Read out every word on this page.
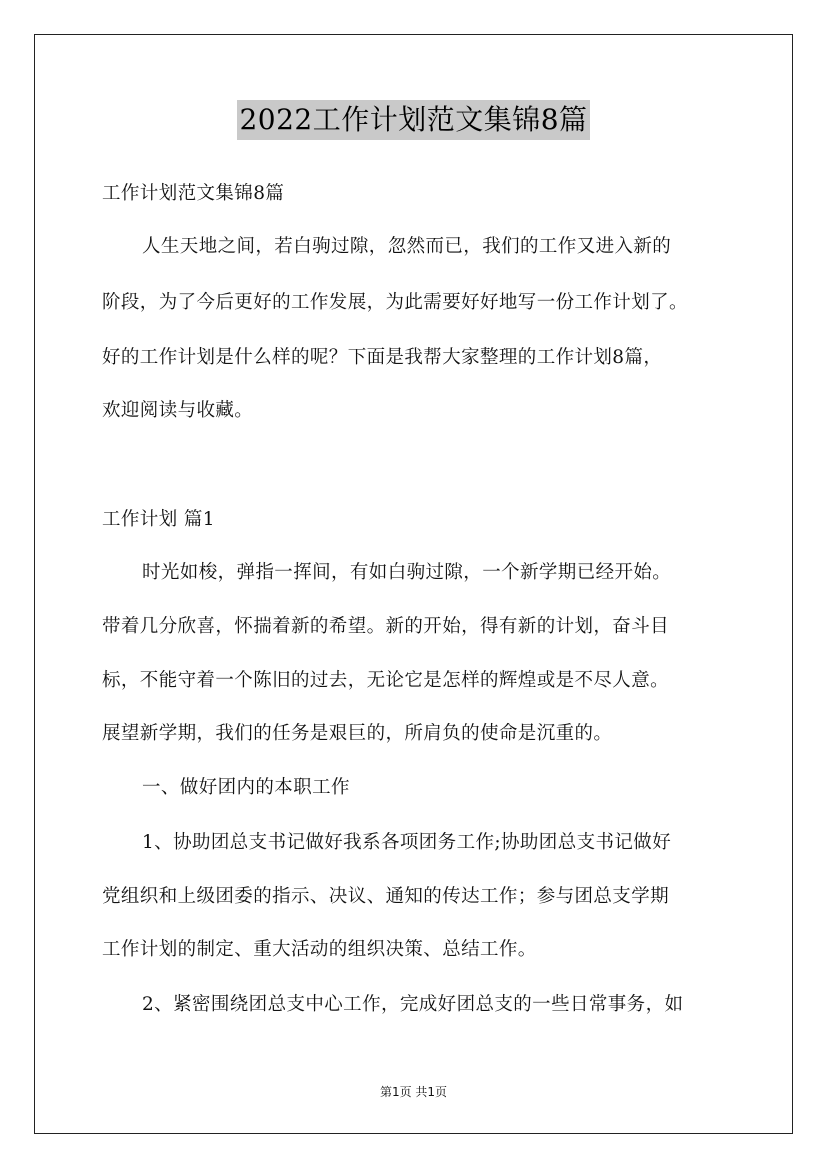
2022工作计划范文集锦8篇
工作计划范文集锦8篇
人生天地之间，若白驹过隙，忽然而已，我们的工作又进入新的
阶段，为了今后更好的工作发展，为此需要好好地写一份工作计划了。
好的工作计划是什么样的呢？下面是我帮大家整理的工作计划8篇，
欢迎阅读与收藏。
工作计划 篇1
时光如梭，弹指一挥间，有如白驹过隙，一个新学期已经开始。
带着几分欣喜，怀揣着新的希望。新的开始，得有新的计划，奋斗目
标，不能守着一个陈旧的过去，无论它是怎样的辉煌或是不尽人意。
展望新学期，我们的任务是艰巨的，所肩负的使命是沉重的。
一、做好团内的本职工作
1、协助团总支书记做好我系各项团务工作;协助团总支书记做好
党组织和上级团委的指示、决议、通知的传达工作；参与团总支学期
工作计划的制定、重大活动的组织决策、总结工作。
2、紧密围绕团总支中心工作，完成好团总支的一些日常事务，如
第1页 共1页
